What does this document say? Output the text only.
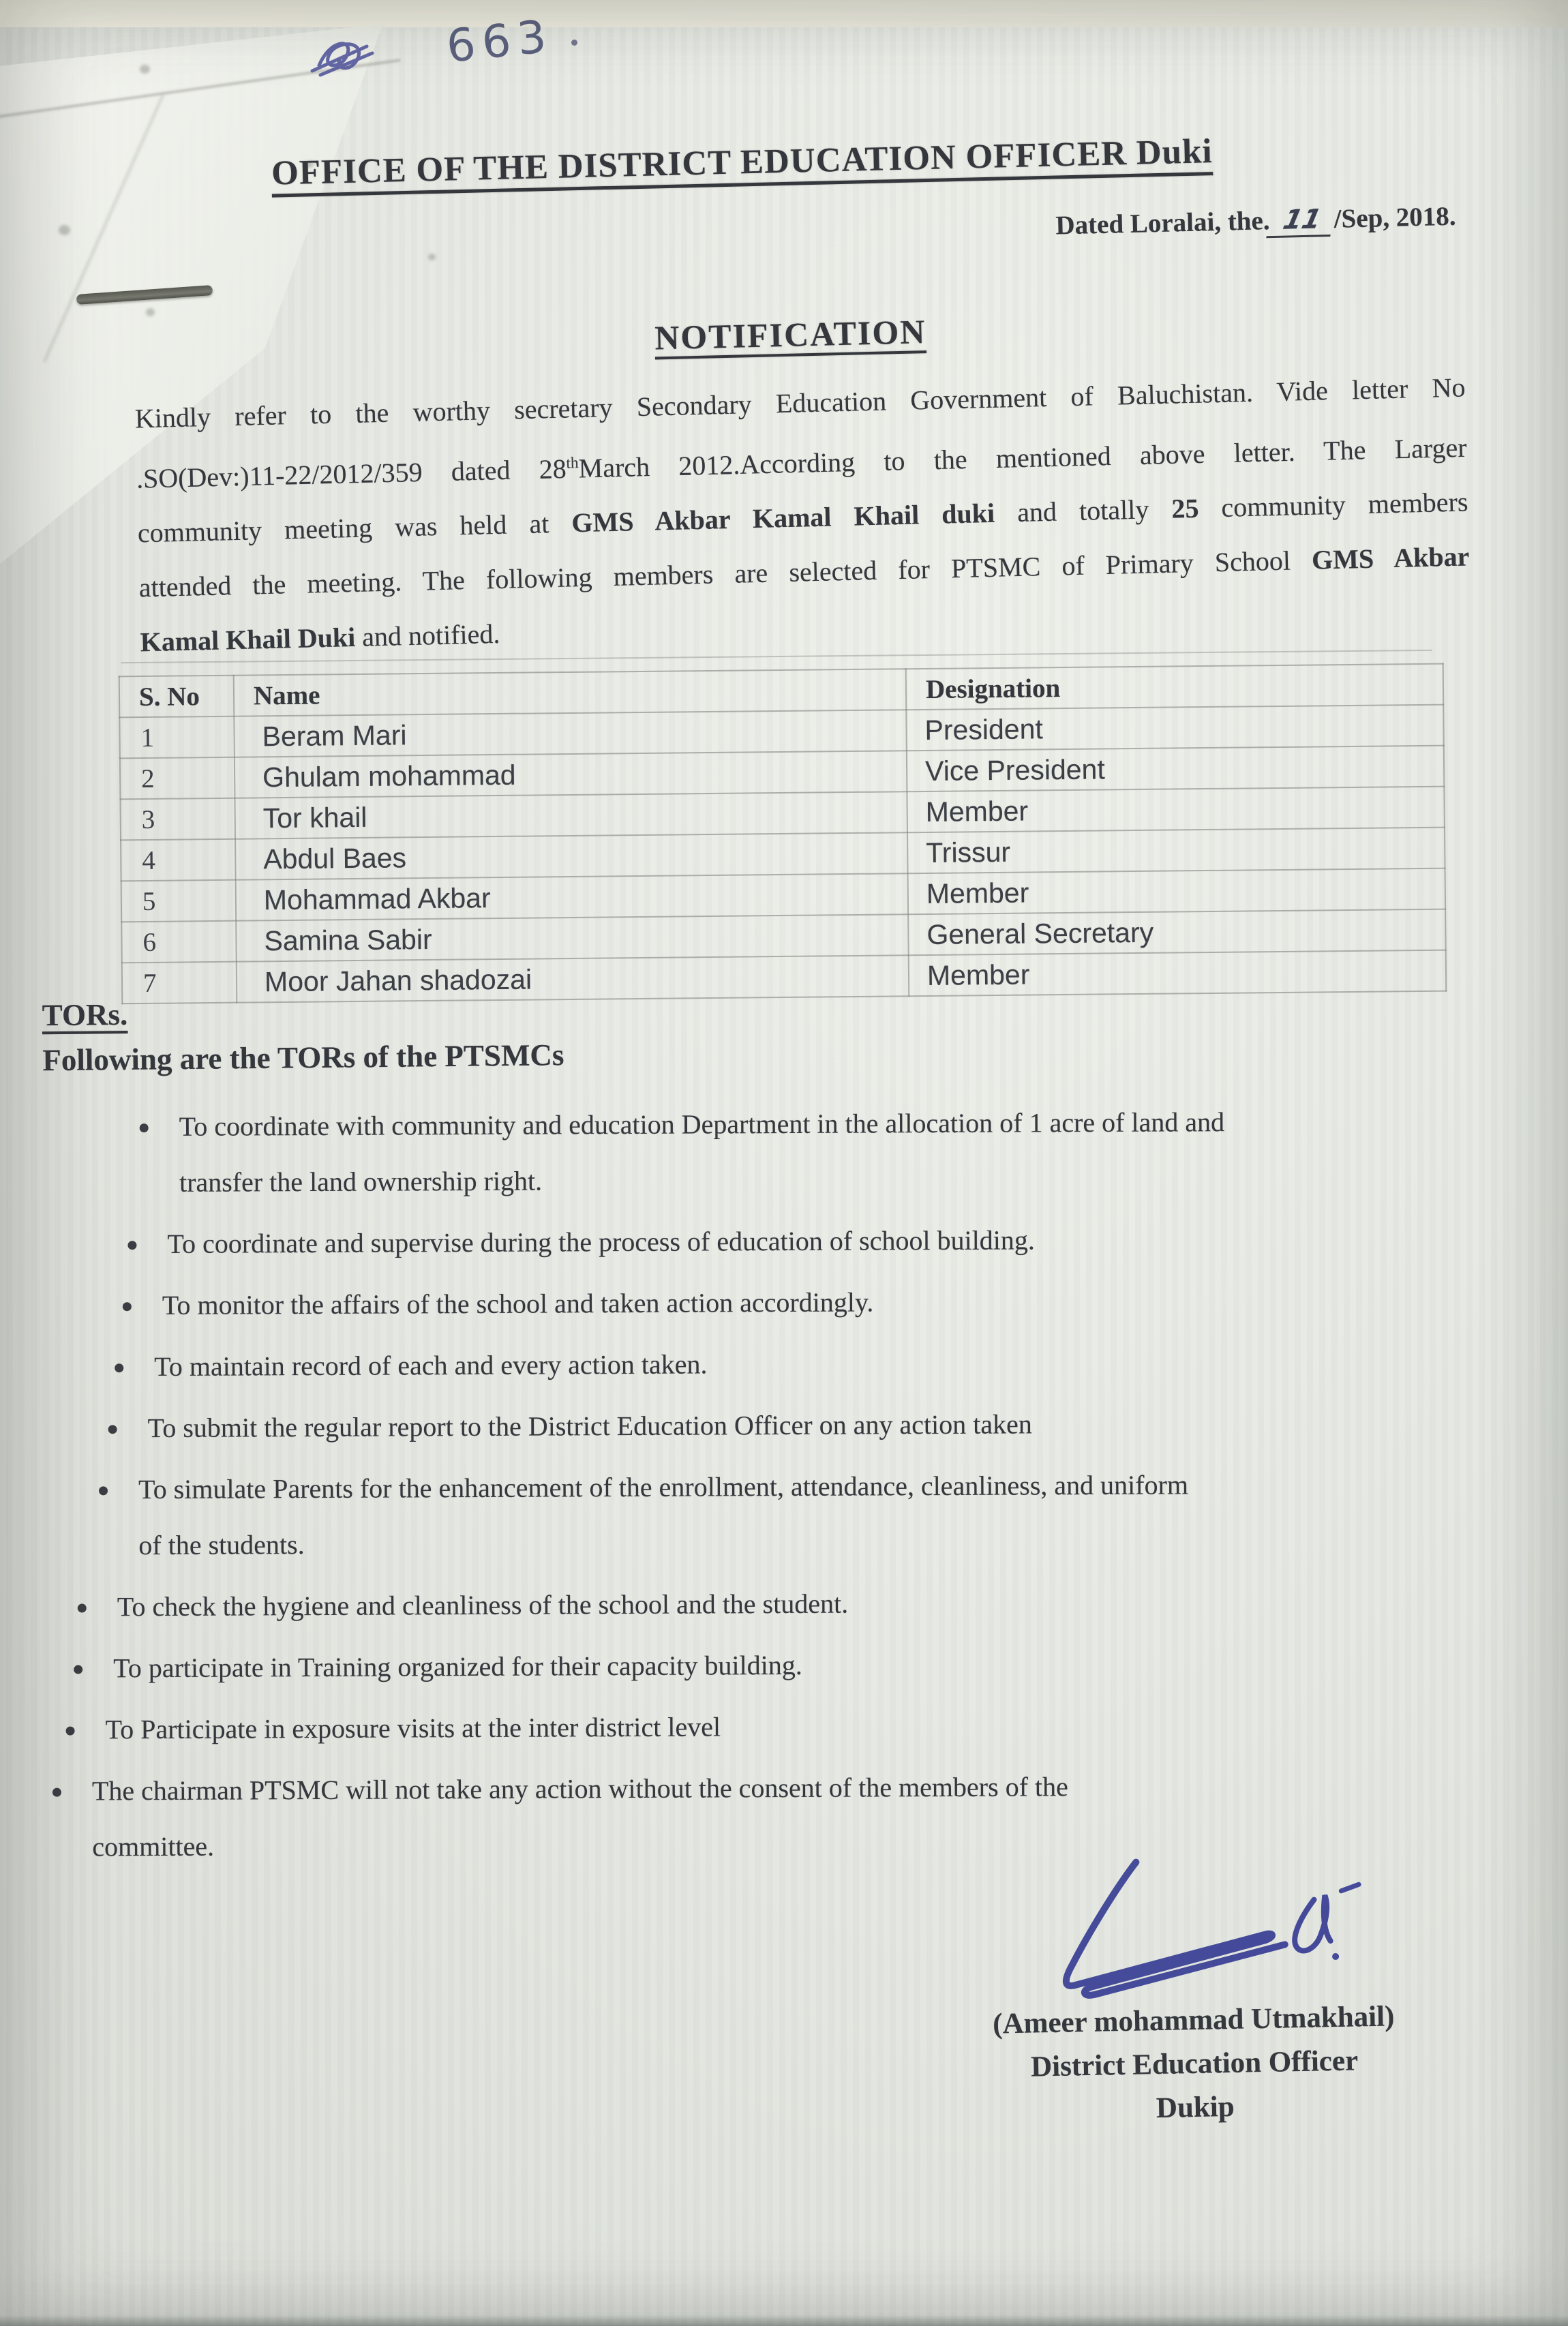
663
OFFICE OF THE DISTRICT EDUCATION OFFICER Duki
Dated Loralai, the. 11 /Sep, 2018.
NOTIFICATION
Kindly refer to the worthy secretary Secondary Education Government of Baluchistan. Vide letter No
.SO(Dev:)11-22/2012/359 dated 28thMarch 2012.According to the mentioned above letter. The Larger
community meeting was held at GMS Akbar Kamal Khail duki and totally 25 community members
attended the meeting. The following members are selected for PTSMC of Primary School GMS Akbar
Kamal Khail Duki and notified.
S. No	Name	Designation
1	Beram Mari	President
2	Ghulam mohammad	Vice President
3	Tor khail	Member
4	Abdul Baes	Trissur
5	Mohammad Akbar	Member
6	Samina Sabir	General Secretary
7	Moor Jahan shadozai	Member
TORs.
Following are the TORs of the PTSMCs
To coordinate with community and education Department in the allocation of 1 acre of land and
transfer the land ownership right.
To coordinate and supervise during the process of education of school building.
To monitor the affairs of the school and taken action accordingly.
To maintain record of each and every action taken.
To submit the regular report to the District Education Officer on any action taken
To simulate Parents for the enhancement of the enrollment, attendance, cleanliness, and uniform
of the students.
To check the hygiene and cleanliness of the school and the student.
To participate in Training organized for their capacity building.
To Participate in exposure visits at the inter district level
The chairman PTSMC will not take any action without the consent of the members of the
committee.
(Ameer mohammad Utmakhail)
District Education Officer
Dukip
